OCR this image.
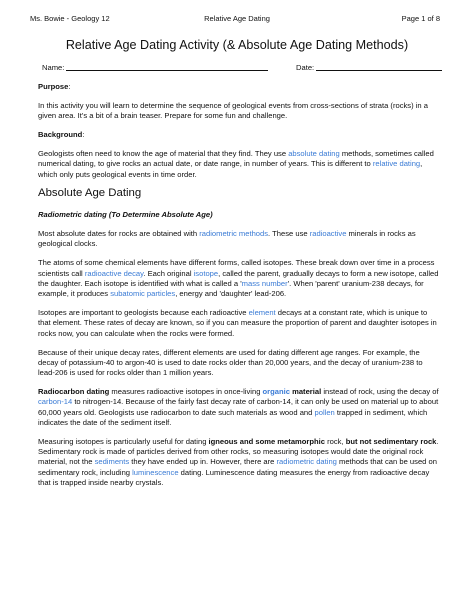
Ms. Bowie - Geology 12	Relative Age Dating	Page 1 of 8
Relative Age Dating Activity (& Absolute Age Dating Methods)
Name:	Date:
Purpose:

In this activity you will learn to determine the sequence of geological events from cross-sections of strata (rocks) in a given area. It's a bit of a brain teaser. Prepare for some fun and challenge.

Background:

Geologists often need to know the age of material that they find. They use absolute dating methods, sometimes called numerical dating, to give rocks an actual date, or date range, in number of years. This is different to relative dating, which only puts geological events in time order.

Absolute Age Dating
Radiometric dating (To Determine Absolute Age)

Most absolute dates for rocks are obtained with radiometric methods. These use radioactive minerals in rocks as geological clocks.

The atoms of some chemical elements have different forms, called isotopes. These break down over time in a process scientists call radioactive decay. Each original isotope, called the parent, gradually decays to form a new isotope, called the daughter. Each isotope is identified with what is called a 'mass number'. When 'parent' uranium-238 decays, for example, it produces subatomic particles, energy and 'daughter' lead-206.

Isotopes are important to geologists because each radioactive element decays at a constant rate, which is unique to that element. These rates of decay are known, so if you can measure the proportion of parent and daughter isotopes in rocks now, you can calculate when the rocks were formed.

Because of their unique decay rates, different elements are used for dating different age ranges. For example, the decay of potassium-40 to argon-40 is used to date rocks older than 20,000 years, and the decay of uranium-238 to lead-206 is used for rocks older than 1 million years.

Radiocarbon dating measures radioactive isotopes in once-living organic material instead of rock, using the decay of carbon-14 to nitrogen-14. Because of the fairly fast decay rate of carbon-14, it can only be used on material up to about 60,000 years old. Geologists use radiocarbon to date such materials as wood and pollen trapped in sediment, which indicates the date of the sediment itself.

Measuring isotopes is particularly useful for dating igneous and some metamorphic rock, but not sedimentary rock. Sedimentary rock is made of particles derived from other rocks, so measuring isotopes would date the original rock material, not the sediments they have ended up in. However, there are radiometric dating methods that can be used on sedimentary rock, including luminescence dating. Luminescence dating measures the energy from radioactive decay that is trapped inside nearby crystals.
